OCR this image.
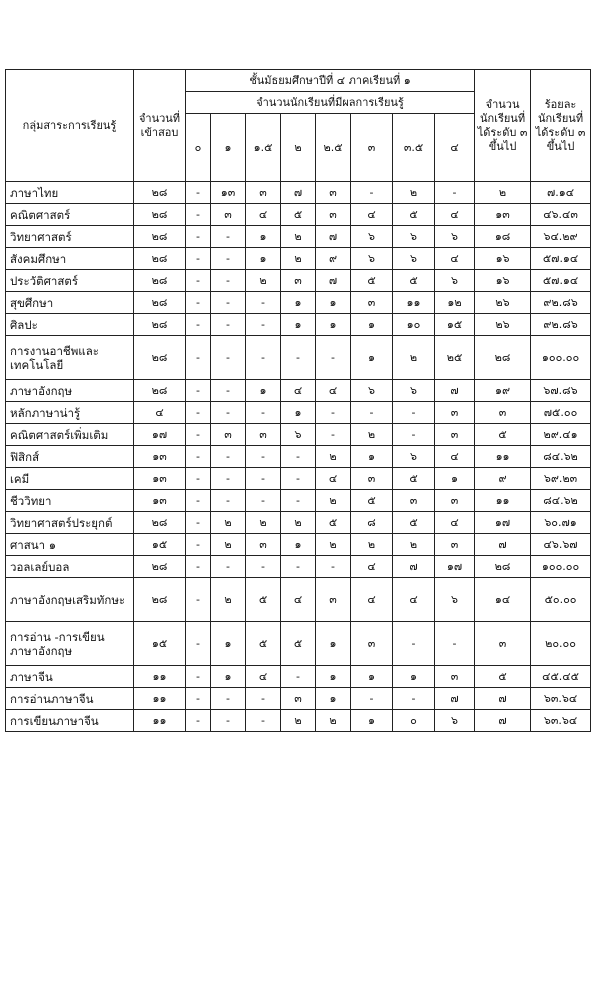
กลุ่มสาระการเรียนรู้	จำนวนที่เข้าสอบ	ชั้นมัธยมศึกษาปีที่ ๔ ภาคเรียนที่ ๑								จำนวนนักเรียนที่ได้ระดับ ๓ ขึ้นไป	ร้อยละนักเรียนที่ได้ระดับ ๓ ขึ้นไป
		จำนวนนักเรียนที่มีผลการเรียนรู้									
		๐	๑	๑.๕	๒	๒.๕	๓	๓.๕	๔		
ภาษาไทย	๒๘	-	๑๓	๓	๗	๓	-	๒	-	๒	๗.๑๔
คณิตศาสตร์	๒๘	-	๓	๔	๕	๓	๔	๕	๔	๑๓	๔๖.๔๓
วิทยาศาสตร์	๒๘	-	-	๑	๒	๗	๖	๖	๖	๑๘	๖๔.๒๙
สังคมศึกษา	๒๘	-	-	๑	๒	๙	๖	๖	๔	๑๖	๕๗.๑๔
ประวัติศาสตร์	๒๘	-	-	๒	๓	๗	๕	๕	๖	๑๖	๕๗.๑๔
สุขศึกษา	๒๘	-	-	-	๑	๑	๓	๑๑	๑๒	๒๖	๙๒.๘๖
ศิลปะ	๒๘	-	-	-	๑	๑	๑	๑๐	๑๕	๒๖	๙๒.๘๖
การงานอาชีพและเทคโนโลยี	๒๘	-	-	-	-	-	๑	๒	๒๕	๒๘	๑๐๐.๐๐
ภาษาอังกฤษ	๒๘	-	-	๑	๔	๔	๖	๖	๗	๑๙	๖๗.๘๖
หลักภาษาน่ารู้	๔	-	-	-	๑	-	-	-	๓	๓	๗๕.๐๐
คณิตศาสตร์เพิ่มเติม	๑๗	-	๓	๓	๖	-	๒	-	๓	๕	๒๙.๔๑
ฟิสิกส์	๑๓	-	-	-	-	๒	๑	๖	๔	๑๑	๘๔.๖๒
เคมี	๑๓	-	-	-	-	๔	๓	๕	๑	๙	๖๙.๒๓
ชีววิทยา	๑๓	-	-	-	-	๒	๕	๓	๓	๑๑	๘๔.๖๒
วิทยาศาสตร์ประยุกต์	๒๘	-	๒	๒	๒	๕	๘	๕	๔	๑๗	๖๐.๗๑
ศาสนา ๑	๑๕	-	๒	๓	๑	๒	๒	๒	๓	๗	๔๖.๖๗
วอลเลย์บอล	๒๘	-	-	-	-	-	๔	๗	๑๗	๒๘	๑๐๐.๐๐
ภาษาอังกฤษเสริมทักษะ	๒๘	-	๒	๕	๔	๓	๔	๔	๖	๑๔	๕๐.๐๐
การอ่าน -การเขียนภาษาอังกฤษ	๑๕	-	๑	๕	๕	๑	๓	-	-	๓	๒๐.๐๐
ภาษาจีน	๑๑	-	๑	๔	-	๑	๑	๑	๓	๕	๔๕.๔๕
การอ่านภาษาจีน	๑๑	-	-	-	๓	๑	-	-	๗	๗	๖๓.๖๔
การเขียนภาษาจีน	๑๑	-	-	-	๒	๒	๑	๐	๖	๗	๖๓.๖๔
